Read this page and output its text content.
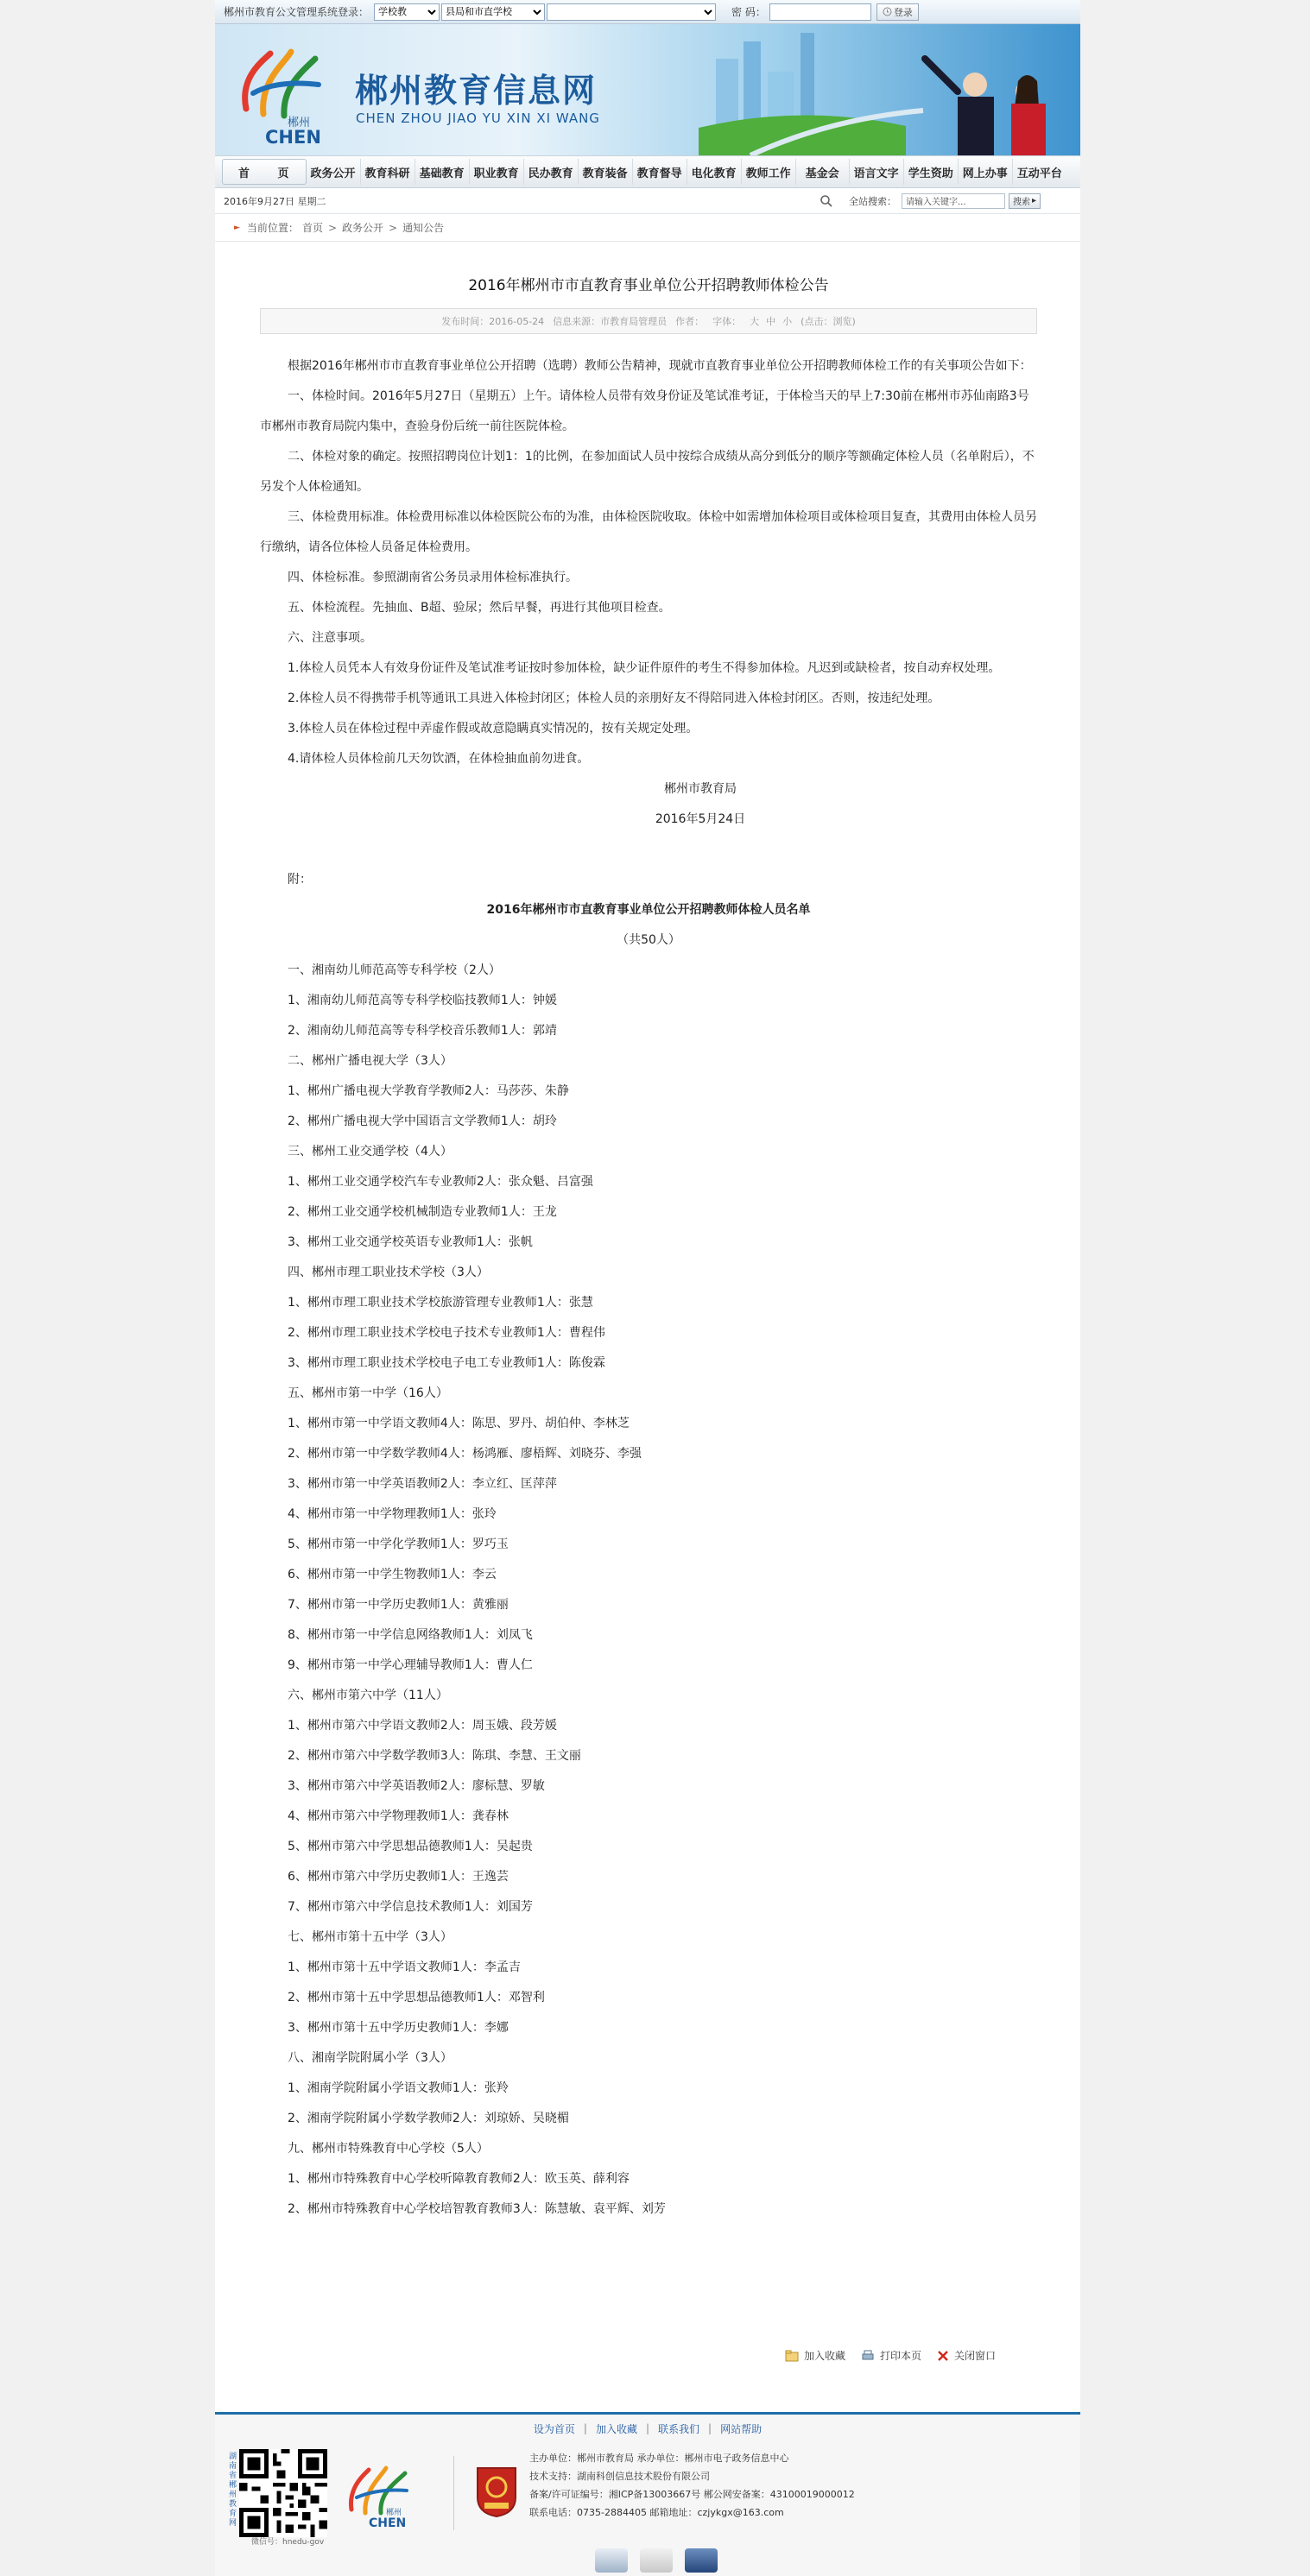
郴州市教育公文管理系统登录：
学校教
县局和市直学校	密 码：	登录
郴州
CHEN
郴州教育信息网
CHEN ZHOU JIAO YU XIN XI WANG
首 页 政务公开 教育科研 基础教育 职业教育 民办教育 教育装备 教育督导 电化教育 教师工作	基金会	语言文字 学生资助 网上办事 互动平台
2016年9月27日 星期二	全站搜索：
请输入关键字...	搜索 ▸
► 当前位置： 首页 > 政务公开 > 通知公告
2016年郴州市市直教育事业单位公开招聘教师体检公告
发布时间：2016-05-24 信息来源：市教育局管理员 作者： 字体： 大 中 小 (点击：浏览)

根据2016年郴州市市直教育事业单位公开招聘（选聘）教师公告精神，现就市直教育事业单位公开招聘教师体检工作的有关事项公告如下：

一、体检时间。2016年5月27日（星期五）上午。请体检人员带有效身份证及笔试准考证，于体检当天的早上7:30前在郴州市苏仙南路3号市郴州市教育局院内集中，查验身份后统一前往医院体检。

二、体检对象的确定。按照招聘岗位计划1：1的比例，在参加面试人员中按综合成绩从高分到低分的顺序等额确定体检人员（名单附后），不另发个人体检通知。

三、体检费用标准。体检费用标准以体检医院公布的为准，由体检医院收取。体检中如需增加体检项目或体检项目复查，其费用由体检人员另行缴纳，请各位体检人员备足体检费用。

四、体检标准。参照湖南省公务员录用体检标准执行。

五、体检流程。先抽血、B超、验尿；然后早餐，再进行其他项目检查。

六、注意事项。

1.体检人员凭本人有效身份证件及笔试准考证按时参加体检，缺少证件原件的考生不得参加体检。凡迟到或缺检者，按自动弃权处理。

2.体检人员不得携带手机等通讯工具进入体检封闭区；体检人员的亲朋好友不得陪同进入体检封闭区。否则，按违纪处理。

3.体检人员在体检过程中弄虚作假或故意隐瞒真实情况的，按有关规定处理。

4.请体检人员体检前几天勿饮酒，在体检抽血前勿进食。

郴州市教育局

2016年5月24日

附：

2016年郴州市市直教育事业单位公开招聘教师体检人员名单

（共50人）

一、湘南幼儿师范高等专科学校（2人）

1、湘南幼儿师范高等专科学校临技教师1人：钟媛

2、湘南幼儿师范高等专科学校音乐教师1人：郭靖

二、郴州广播电视大学（3人）

1、郴州广播电视大学教育学教师2人：马莎莎、朱静

2、郴州广播电视大学中国语言文学教师1人：胡玲

三、郴州工业交通学校（4人）

1、郴州工业交通学校汽车专业教师2人：张众魁、吕富强

2、郴州工业交通学校机械制造专业教师1人：王龙

3、郴州工业交通学校英语专业教师1人：张帆

四、郴州市理工职业技术学校（3人）

1、郴州市理工职业技术学校旅游管理专业教师1人：张慧

2、郴州市理工职业技术学校电子技术专业教师1人：曹程伟

3、郴州市理工职业技术学校电子电工专业教师1人：陈俊霖

五、郴州市第一中学（16人）

1、郴州市第一中学语文教师4人：陈思、罗丹、胡伯仲、李林芝

2、郴州市第一中学数学教师4人：杨鸿雁、廖梧辉、刘晓芬、李强

3、郴州市第一中学英语教师2人：李立红、匡萍萍

4、郴州市第一中学物理教师1人：张玲

5、郴州市第一中学化学教师1人：罗巧玉

6、郴州市第一中学生物教师1人：李云

7、郴州市第一中学历史教师1人：黄雅丽

8、郴州市第一中学信息网络教师1人：刘凤飞

9、郴州市第一中学心理辅导教师1人：曹人仁

六、郴州市第六中学（11人）

1、郴州市第六中学语文教师2人：周玉娥、段芳媛

2、郴州市第六中学数学教师3人：陈琪、李慧、王文丽

3、郴州市第六中学英语教师2人：廖标慧、罗敏

4、郴州市第六中学物理教师1人：龚春林

5、郴州市第六中学思想品德教师1人：吴起贵

6、郴州市第六中学历史教师1人：王逸芸

7、郴州市第六中学信息技术教师1人：刘国芳

七、郴州市第十五中学（3人）

1、郴州市第十五中学语文教师1人：李孟吉

2、郴州市第十五中学思想品德教师1人：邓智利

3、郴州市第十五中学历史教师1人：李娜

八、湘南学院附属小学（3人）

1、湘南学院附属小学语文教师1人：张羚

2、湘南学院附属小学数学教师2人：刘琼娇、吴晓楣

九、郴州市特殊教育中心学校（5人）

1、郴州市特殊教育中心学校听障教育教师2人：欧玉英、薛利容

2、郴州市特殊教育中心学校培智教育教师3人：陈慧敏、袁平辉、刘芳

加入收藏	打印本页	关闭窗口
设为首页 | 加入收藏 | 联系我们 | 网站帮助
湖南省郴州教育网
微信号：hnedu-gov
郴州
CHEN
主办单位：郴州市教育局 承办单位：郴州市电子政务信息中心
技术支持：湖南科创信息技术股份有限公司
备案/许可证编号：湘ICP备13003667号 郴公网安备案：43100019000012
联系电话：0735-2884405 邮箱地址：czjykgx@163.com
